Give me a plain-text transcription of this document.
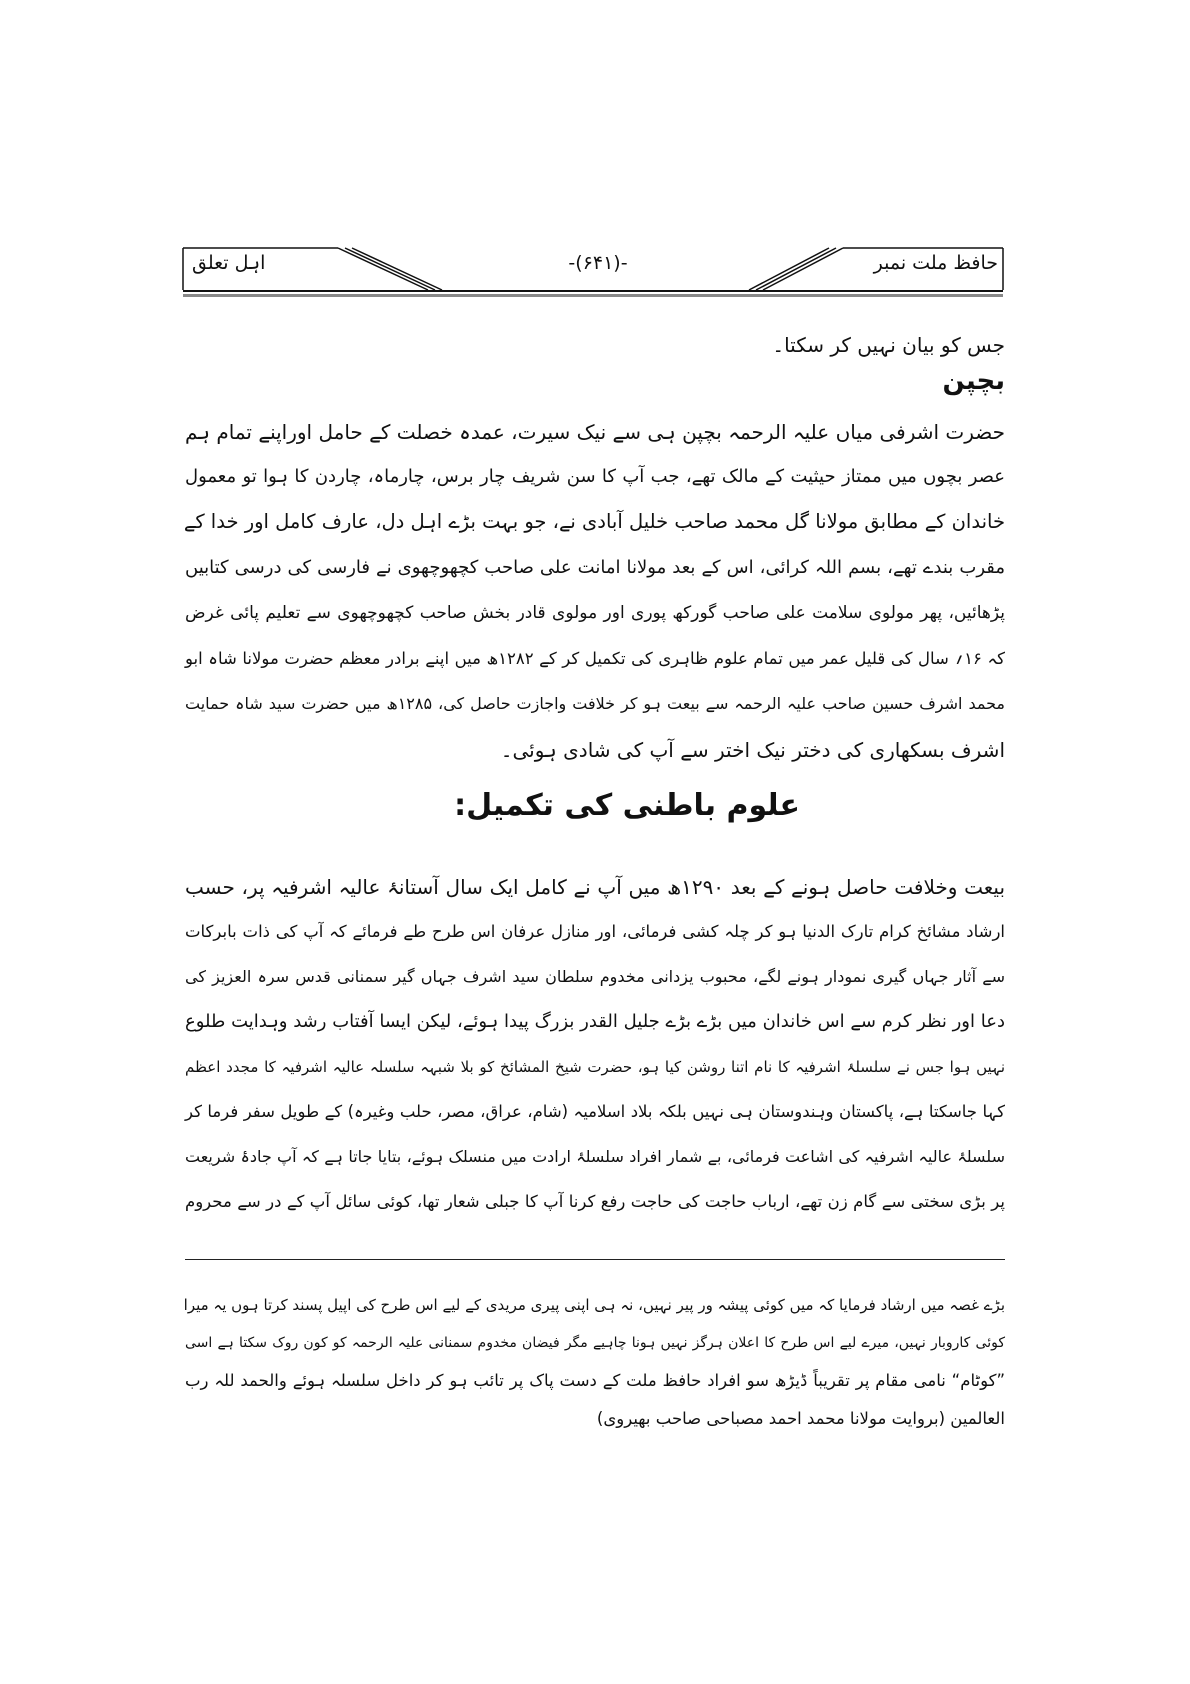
حافظ ملت نمبر
-(۶۴۱)-
اہل تعلق
جس کو بیان نہیں کر سکتا۔
بچپن
حضرت اشرفی میاں علیہ الرحمہ بچپن ہی سے نیک سیرت، عمدہ خصلت کے حامل اوراپنے تمام ہم
عصر بچوں میں ممتاز حیثیت کے مالک تھے، جب آپ کا سن شریف چار برس، چارماہ، چاردن کا ہوا تو معمول
خاندان کے مطابق مولانا گل محمد صاحب خلیل آبادی نے، جو بہت بڑے اہل دل، عارف کامل اور خدا کے
مقرب بندے تھے، بسم اللہ کرائی، اس کے بعد مولانا امانت علی صاحب کچھوچھوی نے فارسی کی درسی کتابیں
پڑھائیں، پھر مولوی سلامت علی صاحب گورکھ پوری اور مولوی قادر بخش صاحب کچھوچھوی سے تعلیم پائی غرض
کہ ۱۶؍ سال کی قلیل عمر میں تمام علوم ظاہری کی تکمیل کر کے ۱۲۸۲ھ میں اپنے برادر معظم حضرت مولانا شاہ ابو
محمد اشرف حسین صاحب علیہ الرحمہ سے بیعت ہو کر خلافت واجازت حاصل کی، ۱۲۸۵ھ میں حضرت سید شاہ حمایت
اشرف بسکھاری کی دختر نیک اختر سے آپ کی شادی ہوئی۔
علوم باطنی کی تکمیل:
بیعت وخلافت حاصل ہونے کے بعد ۱۲۹۰ھ میں آپ نے کامل ایک سال آستانۂ عالیہ اشرفیہ پر، حسب
ارشاد مشائخ کرام تارک الدنیا ہو کر چلہ کشی فرمائی، اور منازل عرفان اس طرح طے فرمائے کہ آپ کی ذات بابرکات
سے آثار جہاں گیری نمودار ہونے لگے، محبوب یزدانی مخدوم سلطان سید اشرف جہاں گیر سمنانی قدس سرہ العزیز کی
دعا اور نظر کرم سے اس خاندان میں بڑے بڑے جلیل القدر بزرگ پیدا ہوئے، لیکن ایسا آفتاب رشد وہدایت طلوع
نہیں ہوا جس نے سلسلۂ اشرفیہ کا نام اتنا روشن کیا ہو، حضرت شیخ المشائخ کو بلا شبہہ سلسلہ عالیہ اشرفیہ کا مجدد اعظم
کہا جاسکتا ہے، پاکستان وہندوستان ہی نہیں بلکہ بلاد اسلامیہ (شام، عراق، مصر، حلب وغیرہ) کے طویل سفر فرما کر
سلسلۂ عالیہ اشرفیہ کی اشاعت فرمائی، بے شمار افراد سلسلۂ ارادت میں منسلک ہوئے، بتایا جاتا ہے کہ آپ جادۂ شریعت
پر بڑی سختی سے گام زن تھے، ارباب حاجت کی حاجت رفع کرنا آپ کا جبلی شعار تھا، کوئی سائل آپ کے در سے محروم
بڑے غصہ میں ارشاد فرمایا کہ میں کوئی پیشہ ور پیر نہیں، نہ ہی اپنی پیری مریدی کے لیے اس طرح کی اپیل پسند کرتا ہوں یہ میرا
کوئی کاروبار نہیں، میرے لیے اس طرح کا اعلان ہرگز نہیں ہونا چاہیے مگر فیضان مخدوم سمنانی علیہ الرحمہ کو کون روک سکتا ہے اسی
”کوٹام“ نامی مقام پر تقریباً ڈیڑھ سو افراد حافظ ملت کے دست پاک پر تائب ہو کر داخل سلسلہ ہوئے والحمد للہ رب
العالمین (بروایت مولانا محمد احمد مصباحی صاحب بھیروی)
